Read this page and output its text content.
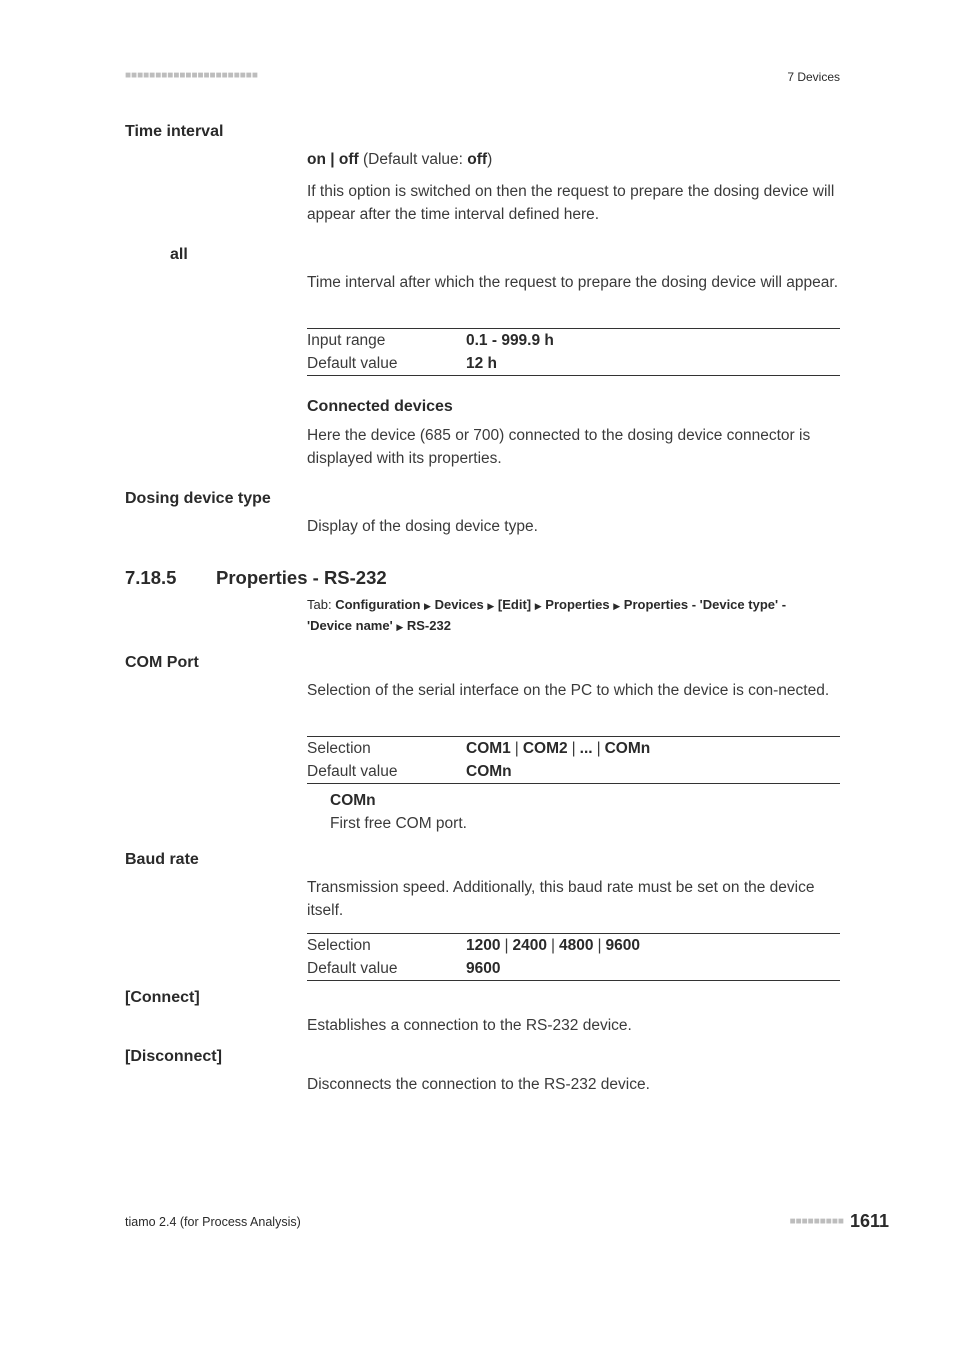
■■■■■■■■■■■■■■■■■■■■■■	7 Devices
Time interval
on | off (Default value: off)
If this option is switched on then the request to prepare the dosing device will appear after the time interval defined here.
all
Time interval after which the request to prepare the dosing device will appear.
Input range	0.1 - 999.9 h
Default value	12 h
Connected devices
Here the device (685 or 700) connected to the dosing device connector is displayed with its properties.
Dosing device type
Display of the dosing device type.
7.18.5 Properties - RS-232
Tab: Configuration ▶ Devices ▶ [Edit] ▶ Properties ▶ Properties - 'Device type' -
'Device name' ▶ RS-232
COM Port
Selection of the serial interface on the PC to which the device is con-nected.
Selection	COM1 | COM2 | ... | COMn
Default value	COMn
COMn
First free COM port.
Baud rate
Transmission speed. Additionally, this baud rate must be set on the device itself.
Selection	1200 | 2400 | 4800 | 9600
Default value	9600
[Connect]
Establishes a connection to the RS-232 device.
[Disconnect]
Disconnects the connection to the RS-232 device.
tiamo 2.4 (for Process Analysis)	■■■■■■■■■ 1611
